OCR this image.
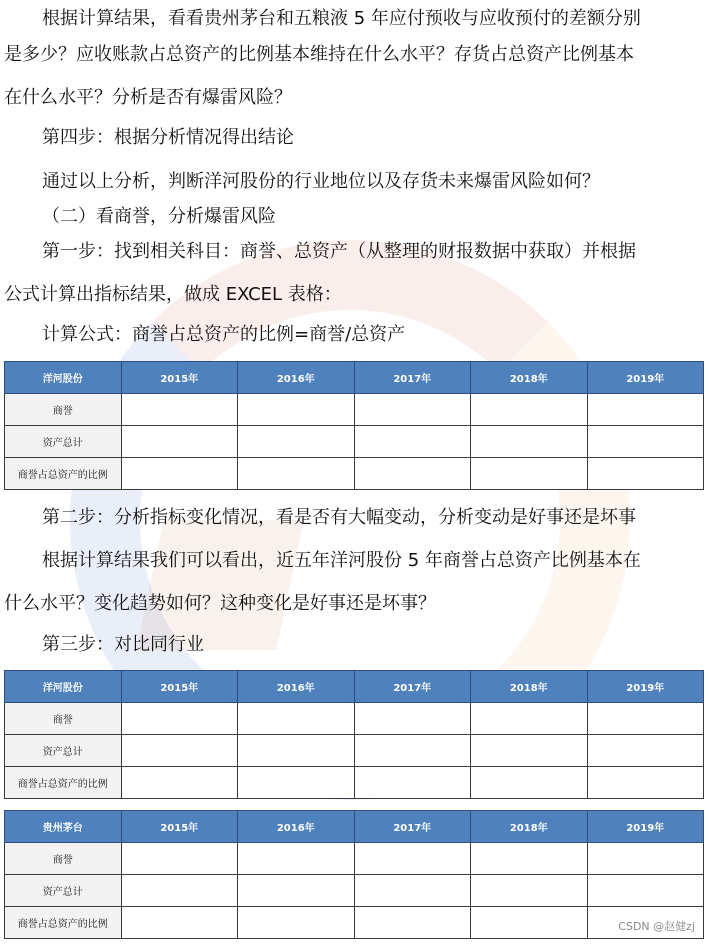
根据计算结果，看看贵州茅台和五粮液 5 年应付预收与应收预付的差额分别
是多少？应收账款占总资产的比例基本维持在什么水平？存货占总资产比例基本
在什么水平？分析是否有爆雷风险？
第四步：根据分析情况得出结论
通过以上分析，判断洋河股份的行业地位以及存货未来爆雷风险如何？
（二）看商誉，分析爆雷风险
第一步：找到相关科目：商誉、总资产（从整理的财报数据中获取）并根据
公式计算出指标结果，做成 EXCEL 表格：
计算公式：商誉占总资产的比例=商誉/总资产
洋河股份	2015年	2016年	2017年	2018年	2019年
商誉					
资产总计					
商誉占总资产的比例					
第二步：分析指标变化情况，看是否有大幅变动，分析变动是好事还是坏事
根据计算结果我们可以看出，近五年洋河股份 5 年商誉占总资产比例基本在
什么水平？变化趋势如何？这种变化是好事还是坏事？
第三步：对比同行业
洋河股份	2015年	2016年	2017年	2018年	2019年
商誉					
资产总计					
商誉占总资产的比例					
贵州茅台	2015年	2016年	2017年	2018年	2019年
商誉					
资产总计					
商誉占总资产的比例						CSDN @赵健zj
